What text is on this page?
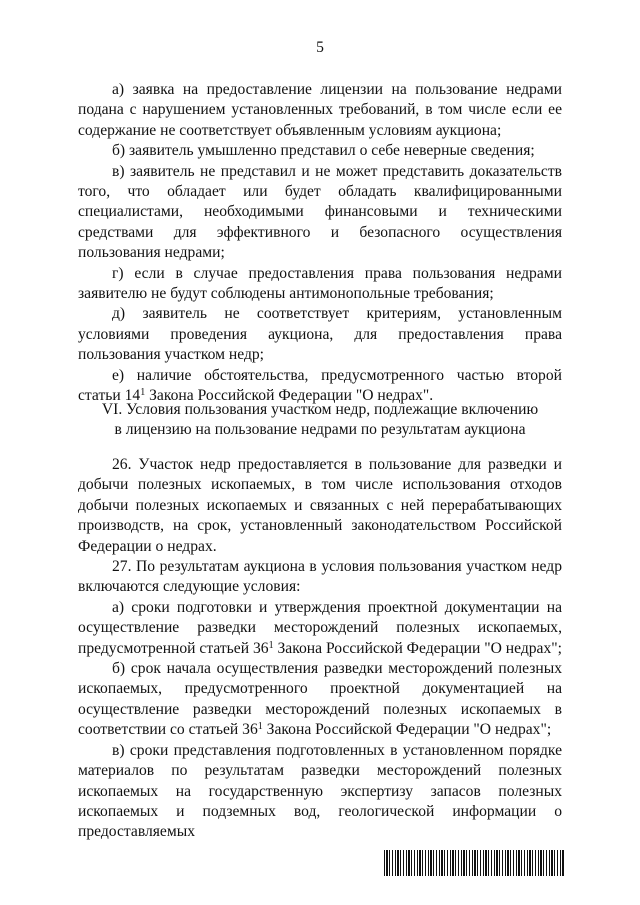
5

а) заявка на предоставление лицензии на пользование недрами подана с нарушением установленных требований, в том числе если ее содержание не соответствует объявленным условиям аукциона;

б) заявитель умышленно представил о себе неверные сведения;

в) заявитель не представил и не может представить доказательств того, что обладает или будет обладать квалифицированными специалистами, необходимыми финансовыми и техническими средствами для эффективного и безопасного осуществления пользования недрами;

г) если в случае предоставления права пользования недрами заявителю не будут соблюдены антимонопольные требования;

д) заявитель не соответствует критериям, установленным условиями проведения аукциона, для предоставления права пользования участком недр;

е) наличие обстоятельства, предусмотренного частью второй статьи $14^1$ Закона Российской Федерации "О недрах".

VI. Условия пользования участком недр, подлежащие включению
в лицензию на пользование недрами по результатам аукциона

26. Участок недр предоставляется в пользование для разведки и добычи полезных ископаемых, в том числе использования отходов добычи полезных ископаемых и связанных с ней перерабатывающих производств, на срок, установленный законодательством Российской Федерации о недрах.

27. По результатам аукциона в условия пользования участком недр включаются следующие условия:

а) сроки подготовки и утверждения проектной документации на осуществление разведки месторождений полезных ископаемых, предусмотренной статьей $36^1$ Закона Российской Федерации "О недрах";

б) срок начала осуществления разведки месторождений полезных ископаемых, предусмотренного проектной документацией на осуществление разведки месторождений полезных ископаемых в соответствии со статьей $36^1$ Закона Российской Федерации "О недрах";

в) сроки представления подготовленных в установленном порядке материалов по результатам разведки месторождений полезных ископаемых на государственную экспертизу запасов полезных ископаемых и подземных вод, геологической информации о предоставляемых
